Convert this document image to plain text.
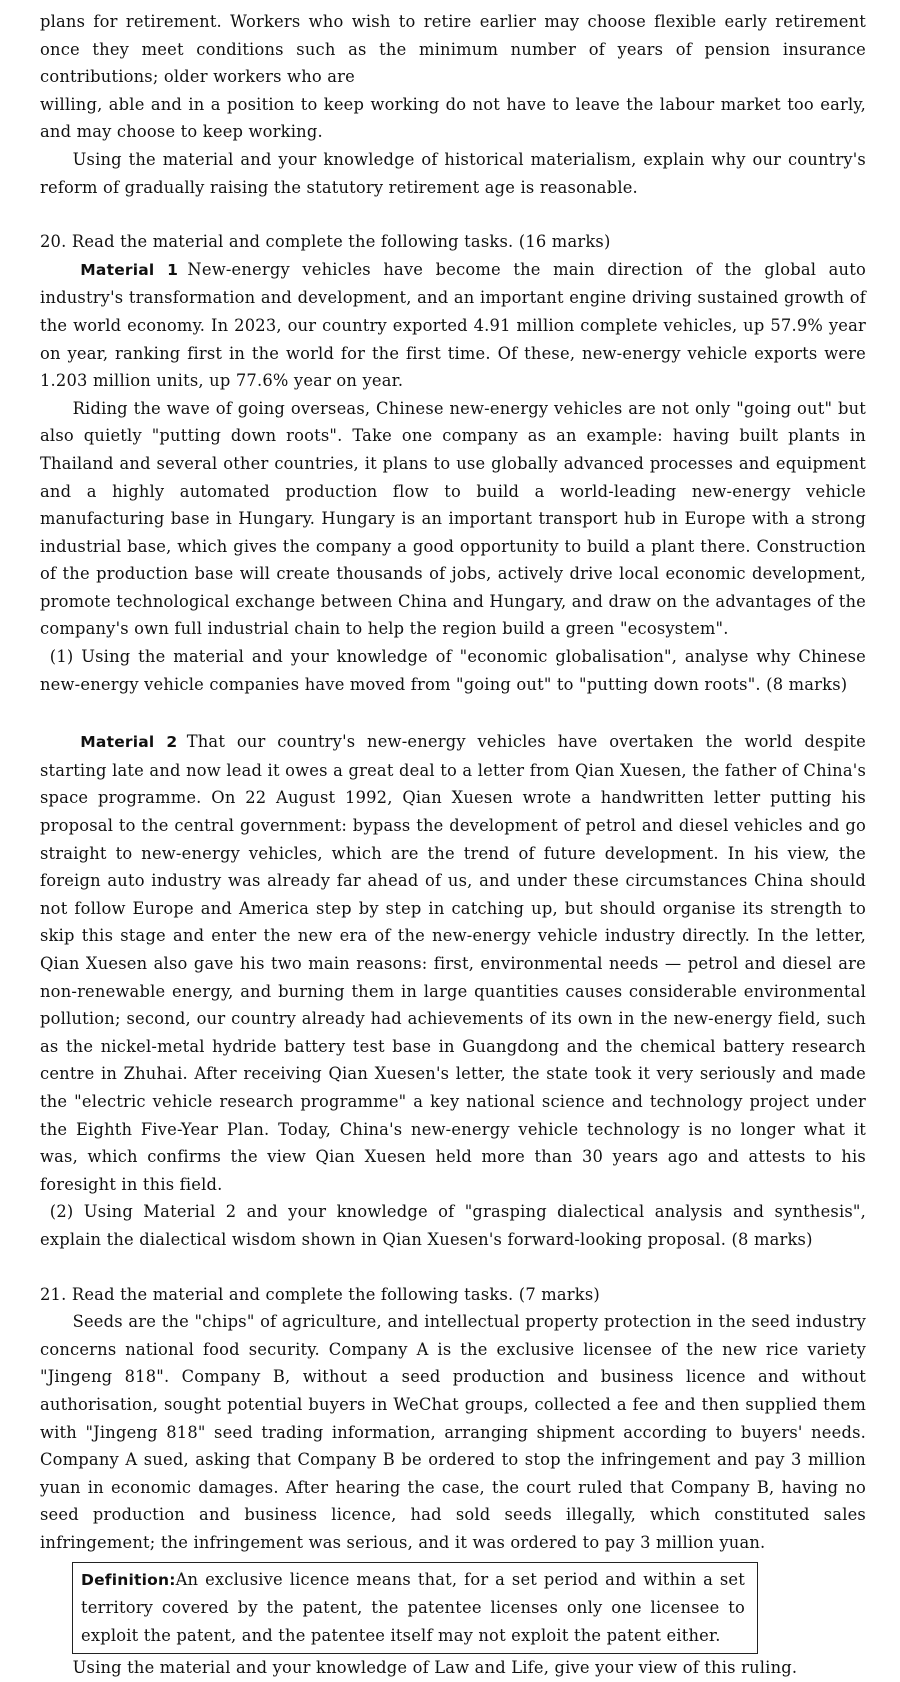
plans for retirement. Workers who wish to retire earlier may choose flexible early retirement once they meet conditions such as the minimum number of years of pension insurance contributions; older workers who are

willing, able and in a position to keep working do not have to leave the labour market too early, and may choose to keep working.

Using the material and your knowledge of historical materialism, explain why our country's reform of gradually raising the statutory retirement age is reasonable.

20. Read the material and complete the following tasks. (16 marks)

Material 1 New-energy vehicles have become the main direction of the global auto industry's transformation and development, and an important engine driving sustained growth of the world economy. In 2023, our country exported 4.91 million complete vehicles, up 57.9% year on year, ranking first in the world for the first time. Of these, new-energy vehicle exports were 1.203 million units, up 77.6% year on year.

Riding the wave of going overseas, Chinese new-energy vehicles are not only "going out" but also quietly "putting down roots". Take one company as an example: having built plants in Thailand and several other countries, it plans to use globally advanced processes and equipment and a highly automated production flow to build a world-leading new-energy vehicle manufacturing base in Hungary. Hungary is an important transport hub in Europe with a strong industrial base, which gives the company a good opportunity to build a plant there. Construction of the production base will create thousands of jobs, actively drive local economic development, promote technological exchange between China and Hungary, and draw on the advantages of the company's own full industrial chain to help the region build a green "ecosystem".

(1) Using the material and your knowledge of "economic globalisation", analyse why Chinese new-energy vehicle companies have moved from "going out" to "putting down roots". (8 marks)

Material 2 That our country's new-energy vehicles have overtaken the world despite starting late and now lead it owes a great deal to a letter from Qian Xuesen, the father of China's space programme. On 22 August 1992, Qian Xuesen wrote a handwritten letter putting his proposal to the central government: bypass the development of petrol and diesel vehicles and go straight to new-energy vehicles, which are the trend of future development. In his view, the foreign auto industry was already far ahead of us, and under these circumstances China should not follow Europe and America step by step in catching up, but should organise its strength to skip this stage and enter the new era of the new-energy vehicle industry directly. In the letter, Qian Xuesen also gave his two main reasons: first, environmental needs — petrol and diesel are non-renewable energy, and burning them in large quantities causes considerable environmental pollution; second, our country already had achievements of its own in the new-energy field, such as the nickel-metal hydride battery test base in Guangdong and the chemical battery research centre in Zhuhai. After receiving Qian Xuesen's letter, the state took it very seriously and made the "electric vehicle research programme" a key national science and technology project under the Eighth Five-Year Plan. Today, China's new-energy vehicle technology is no longer what it was, which confirms the view Qian Xuesen held more than 30 years ago and attests to his foresight in this field.

(2) Using Material 2 and your knowledge of "grasping dialectical analysis and synthesis", explain the dialectical wisdom shown in Qian Xuesen's forward-looking proposal. (8 marks)

21. Read the material and complete the following tasks. (7 marks)

Seeds are the "chips" of agriculture, and intellectual property protection in the seed industry concerns national food security. Company A is the exclusive licensee of the new rice variety "Jingeng 818". Company B, without a seed production and business licence and without authorisation, sought potential buyers in WeChat groups, collected a fee and then supplied them with "Jingeng 818" seed trading information, arranging shipment according to buyers' needs. Company A sued, asking that Company B be ordered to stop the infringement and pay 3 million yuan in economic damages. After hearing the case, the court ruled that Company B, having no seed production and business licence, had sold seeds illegally, which constituted sales infringement; the infringement was serious, and it was ordered to pay 3 million yuan.

Definition:An exclusive licence means that, for a set period and within a set territory covered by the patent, the patentee licenses only one licensee to exploit the patent, and the patentee itself may not exploit the patent either.

Using the material and your knowledge of Law and Life, give your view of this ruling.
